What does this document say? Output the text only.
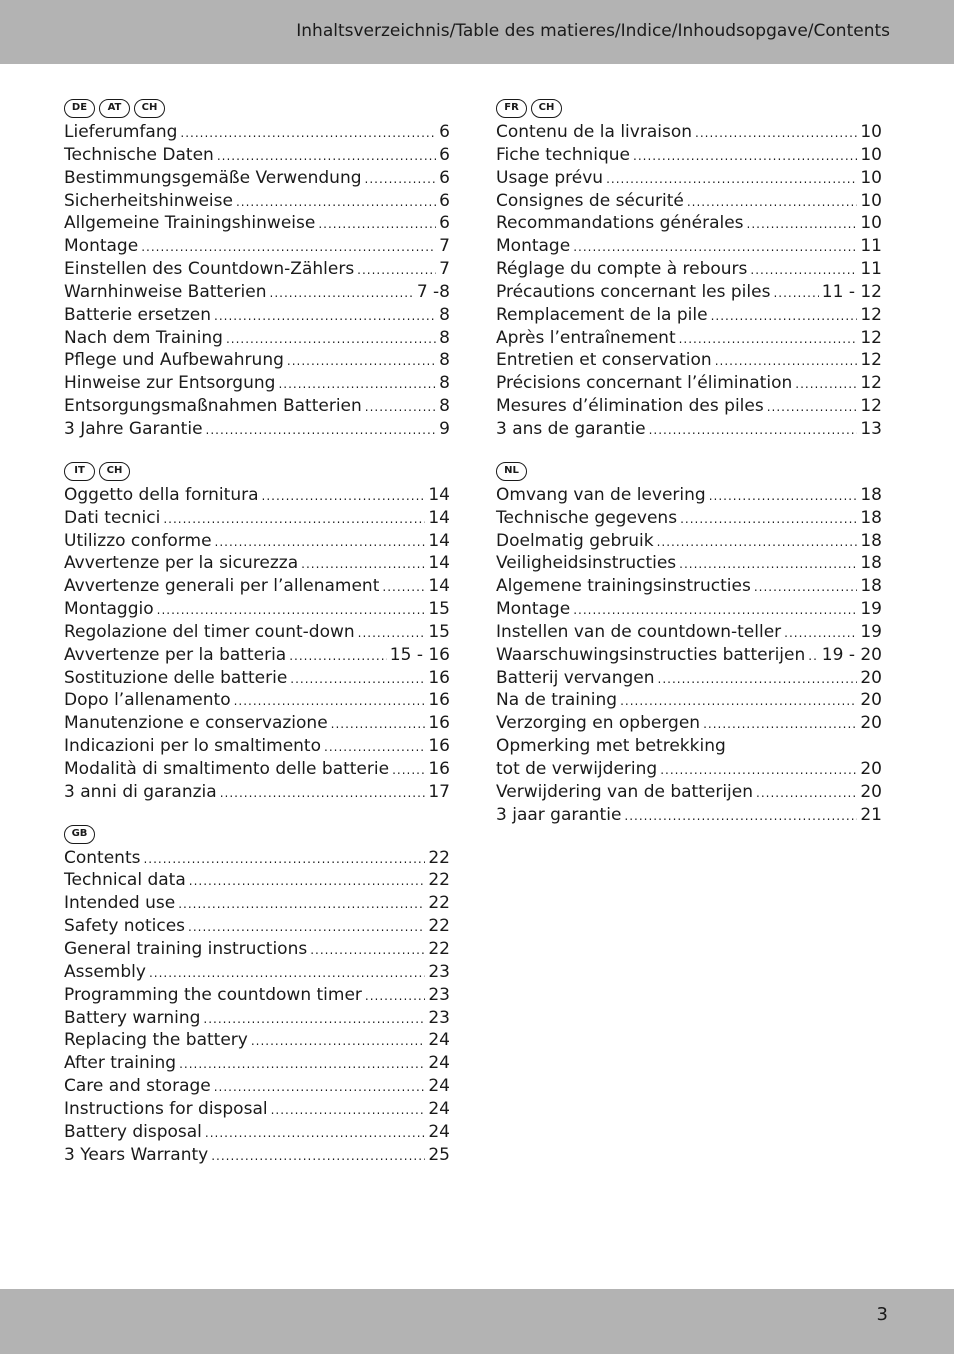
Inhaltsverzeichnis/Table des matieres/Indice/Inhoudsopgave/Contents
DE AT CH
Lieferumfang .....	6
Technische Daten .....	6
Bestimmungsgemäße Verwendung .....	6
Sicherheitshinweise .....	6
Allgemeine Trainingshinweise .....	6
Montage .....	7
Einstellen des Countdown-Zählers .....	7
Warnhinweise Batterien .....	7 -8
Batterie ersetzen .....	8
Nach dem Training .....	8
Pflege und Aufbewahrung .....	8
Hinweise zur Entsorgung .....	8
Entsorgungsmaßnahmen Batterien .....	8
3 Jahre Garantie .....	9
IT CH
Oggetto della fornitura .....	14
Dati tecnici .....	14
Utilizzo conforme .....	14
Avvertenze per la sicurezza .....	14
Avvertenze generali per l’allenament .....	14
Montaggio .....	15
Regolazione del timer count-down .....	15
Avvertenze per la batteria .....	15 - 16
Sostituzione delle batterie .....	16
Dopo l’allenamento .....	16
Manutenzione e conservazione .....	16
Indicazioni per lo smaltimento .....	16
Modalità di smaltimento delle batterie ..... 16
3 anni di garanzia .....	17
GB
Contents .....	22
Technical data .....	22
Intended use .....	22
Safety notices .....	22
General training instructions .....	22
Assembly .....	23
Programming the countdown timer .....	23
Battery warning .....	23
Replacing the battery .....	24
After training .....	24
Care and storage .....	24
Instructions for disposal .....	24
Battery disposal .....	24
3 Years Warranty .....	25
FR CH
Contenu de la livraison .....	10
Fiche technique .....	10
Usage prévu .....	10
Consignes de sécurité .....	10
Recommandations générales .....	10
Montage .....	11
Réglage du compte à rebours .....	11
Précautions concernant les piles .....	11 - 12
Remplacement de la pile .....	12
Après l’entraînement .....	12
Entretien et conservation .....	12
Précisions concernant l’élimination .....	12
Mesures d’élimination des piles .....	12
3 ans de garantie .....	13
NL
Omvang van de levering .....	18
Technische gegevens .....	18
Doelmatig gebruik .....	18
Veiligheidsinstructies .....	18
Algemene trainingsinstructies .....	18
Montage .....	19
Instellen van de countdown-teller .....	19
Waarschuwingsinstructies batterijen ..... 19 - 20
Batterij vervangen .....	20
Na de training .....	20
Verzorging en opbergen .....	20
Opmerking met betrekking
tot de verwijdering .....	20
Verwijdering van de batterijen .....	20
3 jaar garantie .....	21
3
